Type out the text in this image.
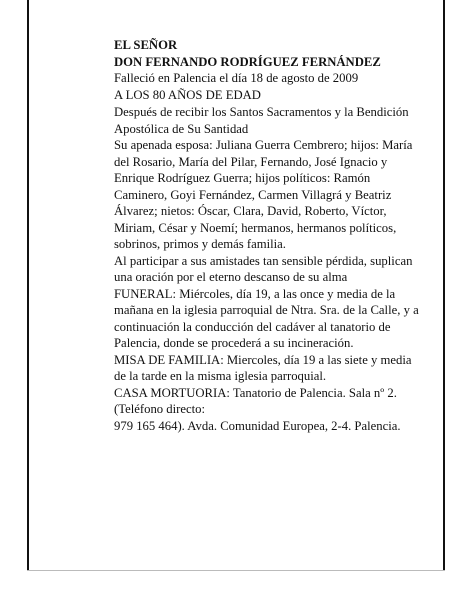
EL SEÑOR

DON FERNANDO RODRÍGUEZ FERNÁNDEZ

Falleció en Palencia el día 18 de agosto de 2009

A LOS 80 AÑOS DE EDAD

Después de recibir los Santos Sacramentos y la Bendición Apostólica de Su Santidad

Su apenada esposa: Juliana Guerra Cembrero; hijos: María del Rosario, María del Pilar, Fernando, José Ignacio y Enrique Rodríguez Guerra; hijos políticos: Ramón Caminero, Goyi Fernández, Carmen Villagrá y Beatriz Álvarez; nietos: Óscar, Clara, David, Roberto, Víctor, Miriam, César y Noemí; hermanos, hermanos políticos, sobrinos, primos y demás familia.

Al participar a sus amistades tan sensible pérdida, suplican una oración por el eterno descanso de su alma

FUNERAL: Miércoles, día 19, a las once y media de la mañana en la iglesia parroquial de Ntra. Sra. de la Calle, y a continuación la conducción del cadáver al tanatorio de Palencia, donde se procederá a su incineración.

MISA DE FAMILIA: Miercoles, día 19 a las siete y media de la tarde en la misma iglesia parroquial.

CASA MORTUORIA: Tanatorio de Palencia. Sala nº 2. (Teléfono directo:

979 165 464). Avda. Comunidad Europea, 2-4. Palencia.
